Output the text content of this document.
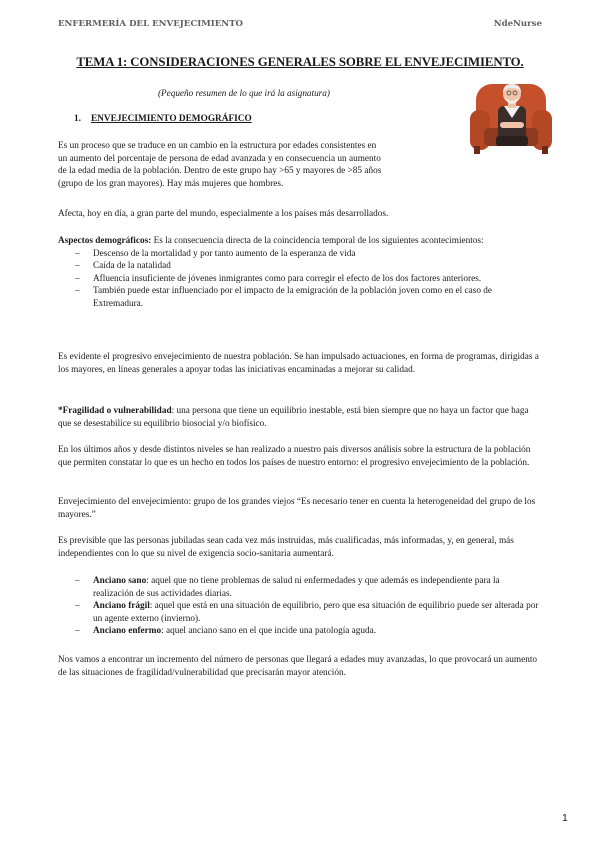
ENFERMERÍA DEL ENVEJECIMIENTO	NdeNurse
TEMA 1: CONSIDERACIONES GENERALES SOBRE EL ENVEJECIMIENTO.
(Pequeño resumen de lo que irá la asignatura)
1. ENVEJECIMIENTO DEMOGRÁFICO
Es un proceso que se traduce en un cambio en la estructura por edades consistentes en
un aumento del porcentaje de persona de edad avanzada y en consecuencia un aumento
de la edad media de la población. Dentro de este grupo hay >65 y mayores de >85 años
(grupo de los gran mayores). Hay más mujeres que hombres.
Afecta, hoy en día, a gran parte del mundo, especialmente a los países más desarrollados.

Aspectos demográficos: Es la consecuencia directa de la coincidencia temporal de los siguientes acontecimientos:

– Descenso de la mortalidad y por tanto aumento de la esperanza de vida
– Caída de la natalidad
– Afluencia insuficiente de jóvenes inmigrantes como para corregir el efecto de los dos factores anteriores.
– También puede estar influenciado por el impacto de la emigración de la población joven como en el caso de Extremadura.
Es evidente el progresivo envejecimiento de nuestra población. Se han impulsado actuaciones, en forma de programas, dirigidas a los mayores, en líneas generales a apoyar todas las iniciativas encaminadas a mejorar su calidad.
*Fragilidad o vulnerabilidad: una persona que tiene un equilibrio inestable, está bien siempre que no haya un factor que haga que se desestabilice su equilibrio biosocial y/o biofísico.
En los últimos años y desde distintos niveles se han realizado a nuestro país diversos análisis sobre la estructura de la población que permiten constatar lo que es un hecho en todos los países de nuestro entorno: el progresivo envejecimiento de la población.
Envejecimiento del envejecimiento: grupo de los grandes viejos “Es necesario tener en cuenta la heterogeneidad del grupo de los mayores.”
Es previsible que las personas jubiladas sean cada vez más instruidas, más cualificadas, más informadas, y, en general, más independientes con lo que su nivel de exigencia socio-sanitaria aumentará.
– Anciano sano: aquel que no tiene problemas de salud ni enfermedades y que además es independiente para la realización de sus actividades diarias.
– Anciano frágil: aquel que está en una situación de equilibrio, pero que esa situación de equilibrio puede ser alterada por un agente externo (invierno).
– Anciano enfermo: aquel anciano sano en el que incide una patología aguda.
Nos vamos a encontrar un incremento del número de personas que llegará a edades muy avanzadas, lo que provocará un aumento de las situaciones de fragilidad/vulnerabilidad que precisarán mayor atención.
1
